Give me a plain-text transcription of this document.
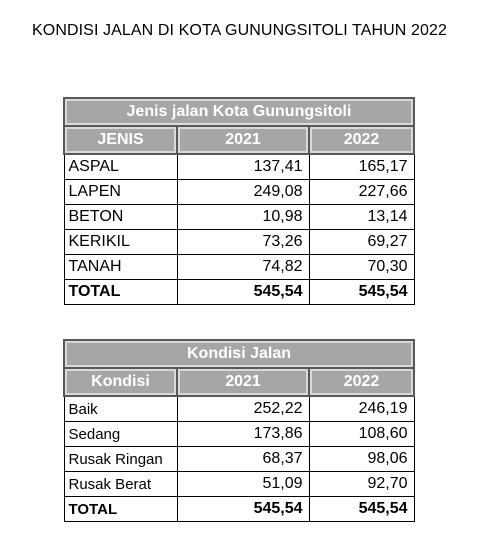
KONDISI JALAN DI KOTA GUNUNGSITOLI TAHUN 2022
Jenis jalan Kota Gunungsitoli		
JENIS	2021	2022
ASPAL	137,41	165,17
LAPEN	249,08	227,66
BETON	10,98	13,14
KERIKIL	73,26	69,27
TANAH	74,82	70,30
TOTAL	545,54	545,54
Kondisi Jalan		
Kondisi	2021	2022
Baik	252,22	246,19
Sedang	173,86	108,60
Rusak Ringan	68,37	98,06
Rusak Berat	51,09	92,70
TOTAL	545,54	545,54
